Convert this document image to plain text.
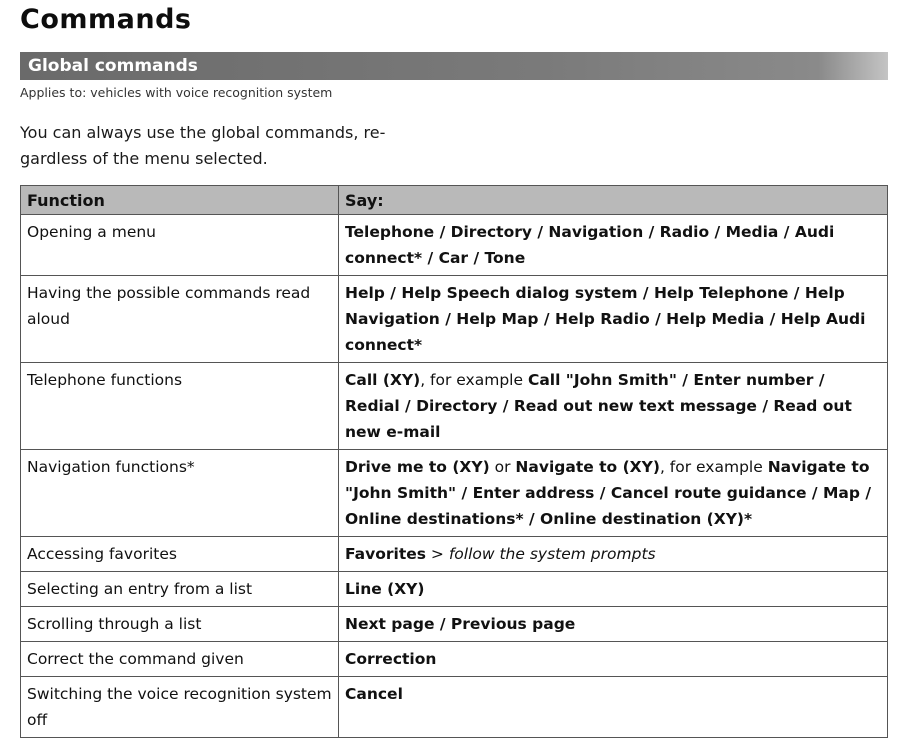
Commands
Global commands
Applies to: vehicles with voice recognition system
You can always use the global commands, re-gardless of the menu selected.
Function	Say:
Opening a menu	Telephone / Directory / Navigation / Radio / Media / Audi connect* / Car / Tone
Having the possible commands read aloud	Help / Help Speech dialog system / Help Telephone / Help Navigation / Help Map / Help Radio / Help Media / Help Audi connect*
Telephone functions	Call (XY), for example Call "John Smith" / Enter number / Redial / Directory / Read out new text message / Read out new e-mail
Navigation functions*	Drive me to (XY) or Navigate to (XY), for example Navigate to "John Smith" / Enter address / Cancel route guidance / Map / Online destinations* / Online destination (XY)*
Accessing favorites	Favorites > follow the system prompts
Selecting an entry from a list	Line (XY)
Scrolling through a list	Next page / Previous page
Correct the command given	Correction
Switching the voice recognition system off	Cancel
